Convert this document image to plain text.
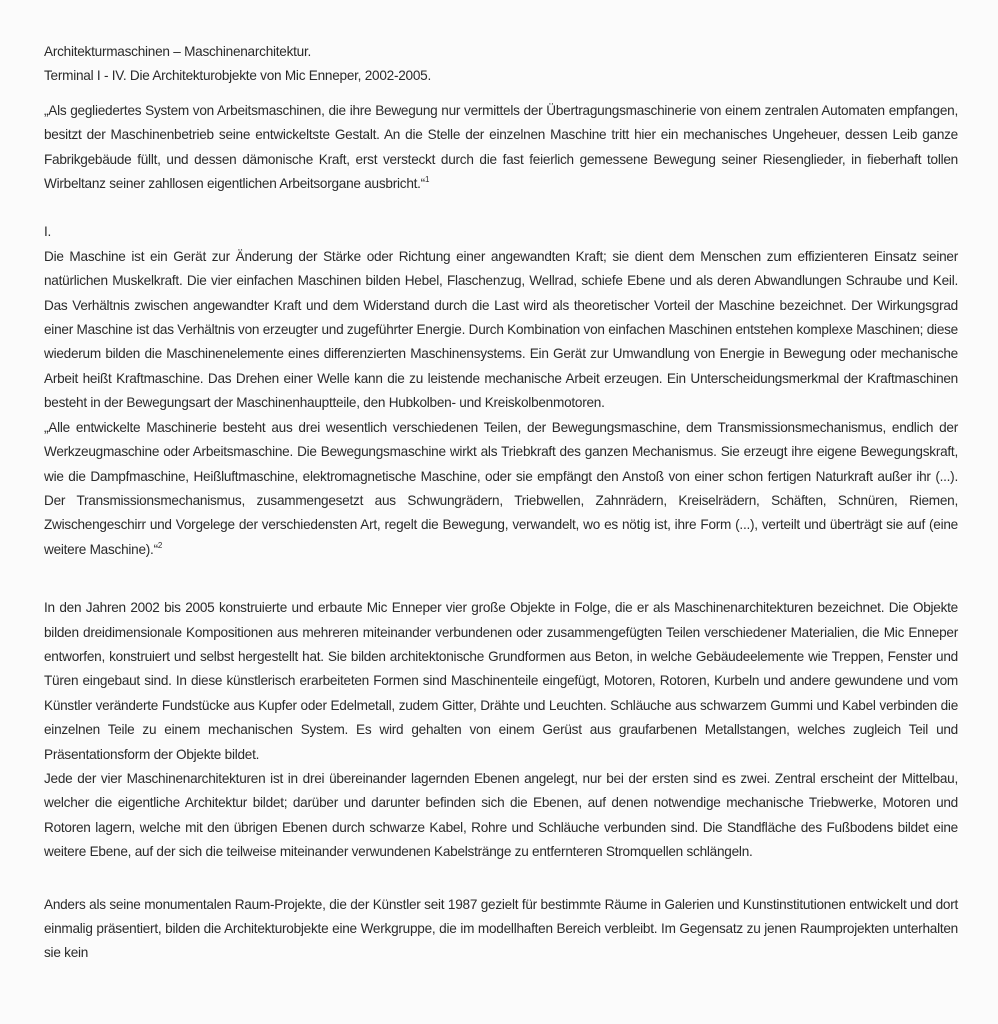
Architekturmaschinen – Maschinenarchitektur.

Terminal I - IV. Die Architekturobjekte von Mic Enneper, 2002-2005.

„Als gegliedertes System von Arbeitsmaschinen, die ihre Bewegung nur vermittels der Übertragungsmaschinerie von einem zentralen Automaten empfangen, besitzt der Maschinenbetrieb seine entwickeltste Gestalt. An die Stelle der einzelnen Maschine tritt hier ein mechanisches Ungeheuer, dessen Leib ganze Fabrikgebäude füllt, und dessen dämonische Kraft, erst versteckt durch die fast feierlich gemessene Bewegung seiner Riesenglieder, in fieberhaft tollen Wirbeltanz seiner zahllosen eigentlichen Arbeitsorgane ausbricht.“$^1$

I.

Die Maschine ist ein Gerät zur Änderung der Stärke oder Richtung einer angewandten Kraft; sie dient dem Menschen zum effizienteren Einsatz seiner natürlichen Muskelkraft. Die vier einfachen Maschinen bilden Hebel, Flaschenzug, Wellrad, schiefe Ebene und als deren Abwandlungen Schraube und Keil. Das Verhältnis zwischen angewandter Kraft und dem Widerstand durch die Last wird als theoretischer Vorteil der Maschine bezeichnet. Der Wirkungsgrad einer Maschine ist das Verhältnis von erzeugter und zugeführter Energie. Durch Kombination von einfachen Maschinen entstehen komplexe Maschinen; diese wiederum bilden die Maschinenelemente eines differenzierten Maschinensystems. Ein Gerät zur Umwandlung von Energie in Bewegung oder mechanische Arbeit heißt Kraftmaschine. Das Drehen einer Welle kann die zu leistende mechanische Arbeit erzeugen. Ein Unterscheidungsmerkmal der Kraftmaschinen besteht in der Bewegungsart der Maschinenhauptteile, den Hubkolben- und Kreiskolbenmotoren.

„Alle entwickelte Maschinerie besteht aus drei wesentlich verschiedenen Teilen, der Bewegungsmaschine, dem Transmissionsmechanismus, endlich der Werkzeugmaschine oder Arbeitsmaschine. Die Bewegungsmaschine wirkt als Triebkraft des ganzen Mechanismus. Sie erzeugt ihre eigene Bewegungskraft, wie die Dampfmaschine, Heißluftmaschine, elektromagnetische Maschine, oder sie empfängt den Anstoß von einer schon fertigen Naturkraft außer ihr (...). Der Transmissionsmechanismus, zusammengesetzt aus Schwungrädern, Triebwellen, Zahnrädern, Kreiselrädern, Schäften, Schnüren, Riemen, Zwischengeschirr und Vorgelege der verschiedensten Art, regelt die Bewegung, verwandelt, wo es nötig ist, ihre Form (...), verteilt und überträgt sie auf (eine weitere Maschine).“$^2$

In den Jahren 2002 bis 2005 konstruierte und erbaute Mic Enneper vier große Objekte in Folge, die er als Maschinenarchitekturen bezeichnet. Die Objekte bilden dreidimensionale Kompositionen aus mehreren miteinander verbundenen oder zusammengefügten Teilen verschiedener Materialien, die Mic Enneper entworfen, konstruiert und selbst hergestellt hat. Sie bilden architektonische Grundformen aus Beton, in welche Gebäudeelemente wie Treppen, Fenster und Türen eingebaut sind. In diese künstlerisch erarbeiteten Formen sind Maschinenteile eingefügt, Motoren, Rotoren, Kurbeln und andere gewundene und vom Künstler veränderte Fundstücke aus Kupfer oder Edelmetall, zudem Gitter, Drähte und Leuchten. Schläuche aus schwarzem Gummi und Kabel verbinden die einzelnen Teile zu einem mechanischen System. Es wird gehalten von einem Gerüst aus graufarbenen Metallstangen, welches zugleich Teil und Präsentationsform der Objekte bildet.

Jede der vier Maschinenarchitekturen ist in drei übereinander lagernden Ebenen angelegt, nur bei der ersten sind es zwei. Zentral erscheint der Mittelbau, welcher die eigentliche Architektur bildet; darüber und darunter befinden sich die Ebenen, auf denen notwendige mechanische Triebwerke, Motoren und Rotoren lagern, welche mit den übrigen Ebenen durch schwarze Kabel, Rohre und Schläuche verbunden sind. Die Standfläche des Fußbodens bildet eine weitere Ebene, auf der sich die teilweise miteinander verwundenen Kabelstränge zu entfernteren Stromquellen schlängeln.

Anders als seine monumentalen Raum-Projekte, die der Künstler seit 1987 gezielt für bestimmte Räume in Galerien und Kunstinstitutionen entwickelt und dort einmalig präsentiert, bilden die Architekturobjekte eine Werkgruppe, die im modellhaften Bereich verbleibt. Im Gegensatz zu jenen Raumprojekten unterhalten sie kein
